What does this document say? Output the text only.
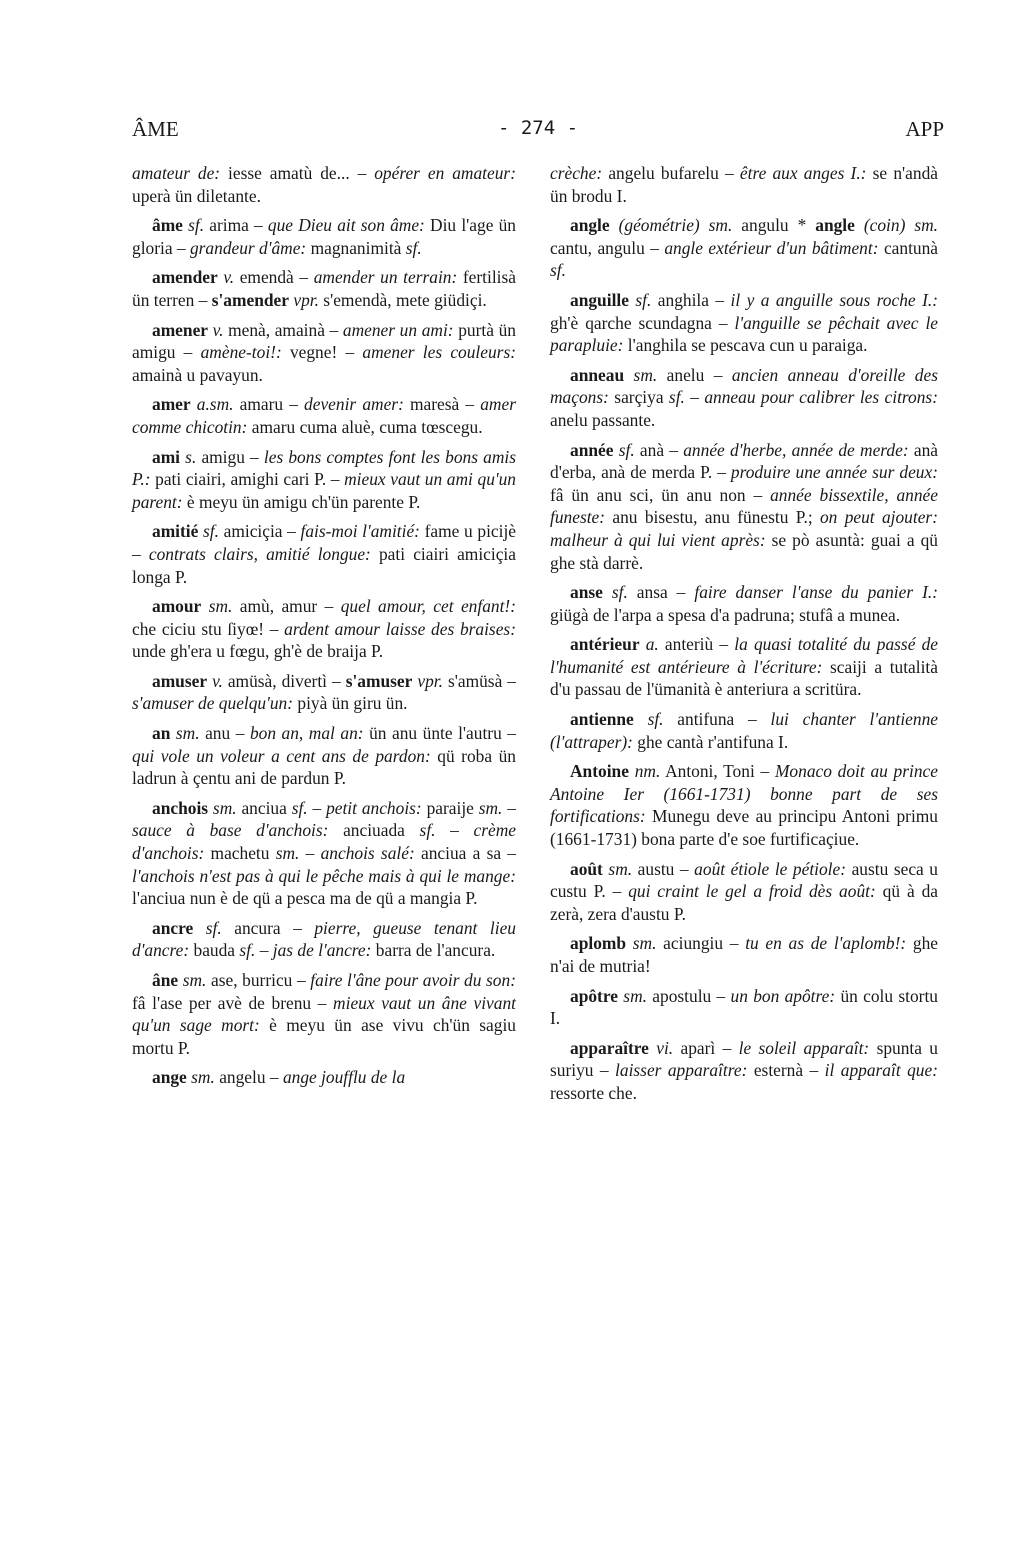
ÂME	- 274 -	APP

amateur de: iesse amatù de... – opérer en amateur: uperà ün diletante.

âme sf. arima – que Dieu ait son âme: Diu l'age ün gloria – grandeur d'âme: magnanimità sf.

amender v. emendà – amender un terrain: fertilisà ün terren – s'amender vpr. s'emendà, mete giüdiçi.

amener v. menà, amainà – amener un ami: purtà ün amigu – amène-toi!: vegne! – amener les couleurs: amainà u pavayun.

amer a.sm. amaru – devenir amer: maresà – amer comme chicotin: amaru cuma aluè, cuma tœscegu.

ami s. amigu – les bons comptes font les bons amis P.: pati ciairi, amighi cari P. – mieux vaut un ami qu'un parent: è meyu ün amigu ch'ün parente P.

amitié sf. amiciçia – fais-moi l'amitié: fame u picijè – contrats clairs, amitié longue: pati ciairi amiciçia longa P.

amour sm. amù, amur – quel amour, cet enfant!: che ciciu stu ſiyœ! – ardent amour laisse des braises: unde gh'era u fœgu, gh'è de braija P.

amuser v. amüsà, divertì – s'amuser vpr. s'amüsà – s'amuser de quelqu'un: piyà ün giru ün.

an sm. anu – bon an, mal an: ün anu ünte l'autru – qui vole un voleur a cent ans de pardon: qü roba ün ladrun à çentu ani de pardun P.

anchois sm. anciua sf. – petit anchois: paraije sm. – sauce à base d'anchois: anciuada sf. – crème d'anchois: machetu sm. – anchois salé: anciua a sa – l'anchois n'est pas à qui le pêche mais à qui le mange: l'anciua nun è de qü a pesca ma de qü a mangia P.

ancre sf. ancura – pierre, gueuse tenant lieu d'ancre: bauda sf. – jas de l'ancre: barra de l'ancura.

âne sm. ase, burricu – faire l'âne pour avoir du son: fâ l'ase per avè de brenu – mieux vaut un âne vivant qu'un sage mort: è meyu ün ase vivu ch'ün sagiu mortu P.

ange sm. angelu – ange joufflu de la

crèche: angelu bufarelu – être aux anges I.: se n'andà ün brodu I.

angle (géométrie) sm. angulu * angle (coin) sm. cantu, angulu – angle extérieur d'un bâtiment: cantunà sf.

anguille sf. anghila – il y a anguille sous roche I.: gh'è qarche scundagna – l'anguille se pêchait avec le parapluie: l'anghila se pescava cun u paraiga.

anneau sm. anelu – ancien anneau d'oreille des maçons: sarçiya sf. – anneau pour calibrer les citrons: anelu passante.

année sf. anà – année d'herbe, année de merde: anà d'erba, anà de merda P. – produire une année sur deux: fâ ün anu sci, ün anu non – année bissextile, année funeste: anu bisestu, anu fünestu P.; on peut ajouter: malheur à qui lui vient après: se pò asuntà: guai a qü ghe stà darrè.

anse sf. ansa – faire danser l'anse du panier I.: giügà de l'arpa a spesa d'a padruna; stufâ a munea.

antérieur a. anteriù – la quasi totalité du passé de l'humanité est antérieure à l'écriture: scaiji a tutalità d'u passau de l'ümanità è anteriura a scritüra.

antienne sf. antifuna – lui chanter l'antienne (l'attraper): ghe cantà r'antifuna I.

Antoine nm. Antoni, Toni – Monaco doit au prince Antoine Ier (1661-1731) bonne part de ses fortifications: Munegu deve au principu Antoni primu (1661-1731) bona parte d'e soe furtificaçiue.

août sm. austu – août étiole le pétiole: austu seca u custu P. – qui craint le gel a froid dès août: qü à da zerà, zera d'austu P.

aplomb sm. aciungiu – tu en as de l'aplomb!: ghe n'ai de mutria!

apôtre sm. apostulu – un bon apôtre: ün colu stortu I.

apparaître vi. aparì – le soleil apparaît: spunta u suriyu – laisser apparaître: esternà – il apparaît que: ressorte che.
